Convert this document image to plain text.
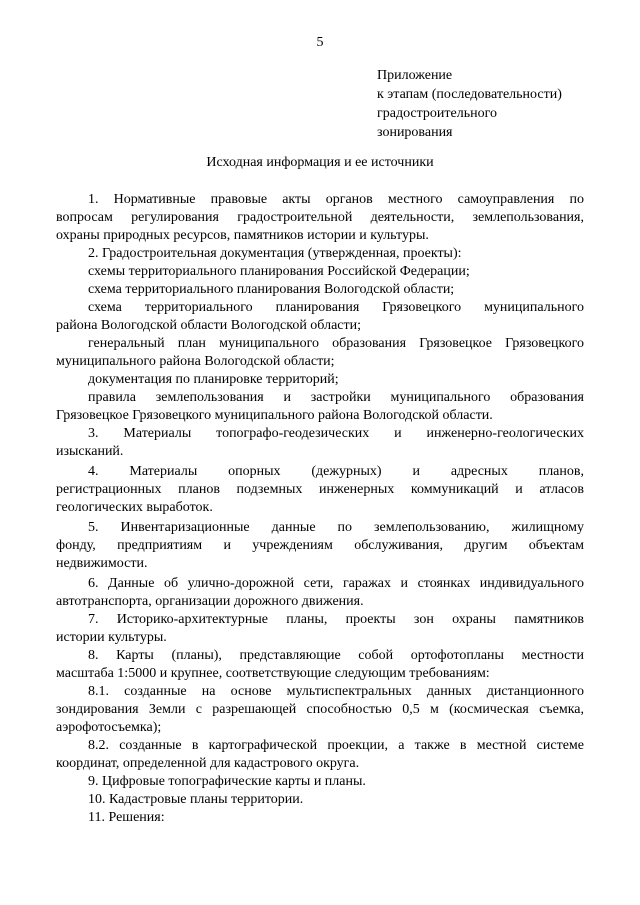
5
Приложение
к этапам (последовательности)
градостроительного
зонирования
Исходная информация и ее источники
1. Нормативные правовые акты органов местного самоуправления по
вопросам регулирования градостроительной деятельности, землепользования,
охраны природных ресурсов, памятников истории и культуры.
2. Градостроительная документация (утвержденная, проекты):
схемы территориального планирования Российской Федерации;
схема территориального планирования Вологодской области;
схема территориального планирования Грязовецкого муниципального
района Вологодской области Вологодской области;
генеральный план муниципального образования Грязовецкое Грязовецкого
муниципального района Вологодской области;
документация по планировке территорий;
правила землепользования и застройки муниципального образования
Грязовецкое Грязовецкого муниципального района Вологодской области.
3. Материалы топографо-геодезических и инженерно-геологических
изысканий.
4. Материалы опорных (дежурных) и адресных планов,
регистрационных планов подземных инженерных коммуникаций и атласов
геологических выработок.
5. Инвентаризационные данные по землепользованию, жилищному
фонду, предприятиям и учреждениям обслуживания, другим объектам
недвижимости.
6. Данные об улично-дорожной сети, гаражах и стоянках индивидуального
автотранспорта, организации дорожного движения.
7. Историко-архитектурные планы, проекты зон охраны памятников
истории культуры.
8. Карты (планы), представляющие собой ортофотопланы местности
масштаба 1:5000 и крупнее, соответствующие следующим требованиям:
8.1. созданные на основе мультиспектральных данных дистанционного
зондирования Земли с разрешающей способностью 0,5 м (космическая съемка,
аэрофотосъемка);
8.2. созданные в картографической проекции, а также в местной системе
координат, определенной для кадастрового округа.
9. Цифровые топографические карты и планы.
10. Кадастровые планы территории.
11. Решения:
